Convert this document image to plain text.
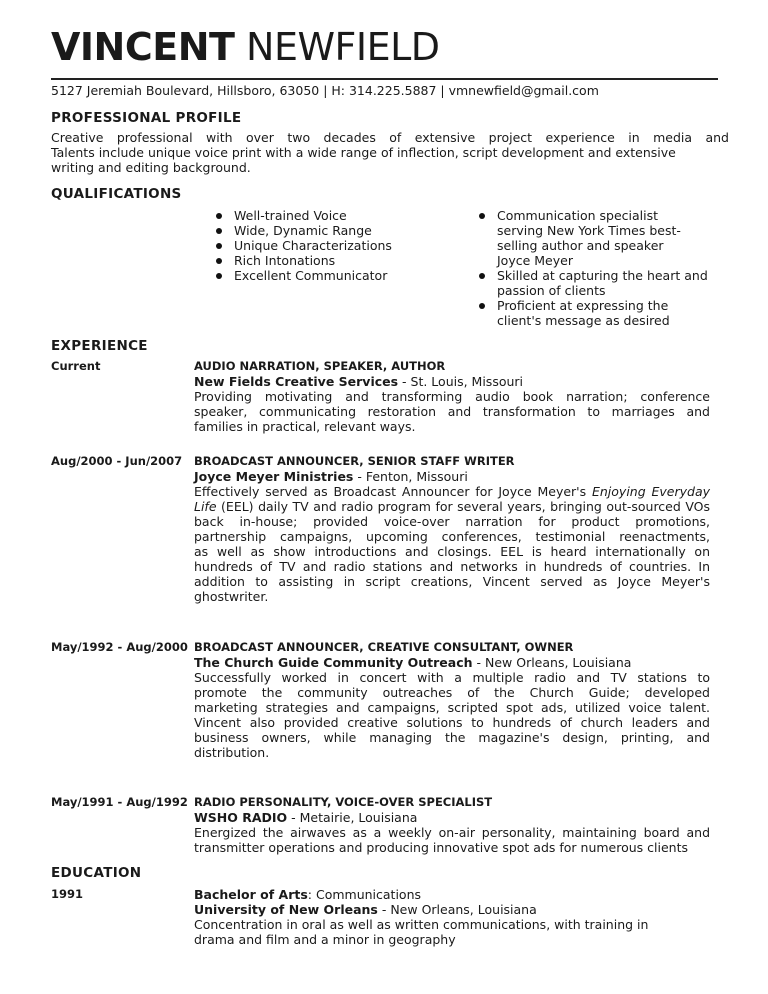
VINCENT NEWFIELD
5127 Jeremiah Boulevard, Hillsboro, 63050 | H: 314.225.5887 | vmnewfield@gmail.com
PROFESSIONAL PROFILE

Creative professional with over two decades of extensive project experience in media and
Talents include unique voice print with a wide range of inflection, script development and extensive
writing and editing background.

QUALIFICATIONS
Well-trained Voice
Wide, Dynamic Range
Unique Characterizations
Rich Intonations
Excellent Communicator
Communication specialist serving New York Times best-selling author and speaker Joyce Meyer
Skilled at capturing the heart and passion of clients
Proficient at expressing the client's message as desired
EXPERIENCE
Current	AUDIO NARRATION, SPEAKER, AUTHOR
New Fields Creative Services - St. Louis, Missouri
Providing motivating and transforming audio book narration; conference
speaker, communicating restoration and transformation to marriages and
families in practical, relevant ways.
Aug/2000 - Jun/2007 BROADCAST ANNOUNCER, SENIOR STAFF WRITER
Joyce Meyer Ministries - Fenton, Missouri
Effectively served as Broadcast Announcer for Joyce Meyer's Enjoying Everyday
Life (EEL) daily TV and radio program for several years, bringing out-sourced VOs
back in-house; provided voice-over narration for product promotions,
partnership campaigns, upcoming conferences, testimonial reenactments,
as well as show introductions and closings. EEL is heard internationally on
hundreds of TV and radio stations and networks in hundreds of countries. In
addition to assisting in script creations, Vincent served as Joyce Meyer's
ghostwriter.
May/1992 - Aug/2000 BROADCAST ANNOUNCER, CREATIVE CONSULTANT, OWNER
The Church Guide Community Outreach - New Orleans, Louisiana
Successfully worked in concert with a multiple radio and TV stations to
promote the community outreaches of the Church Guide; developed
marketing strategies and campaigns, scripted spot ads, utilized voice talent.
Vincent also provided creative solutions to hundreds of church leaders and
business owners, while managing the magazine's design, printing, and
distribution.
May/1991 - Aug/1992 RADIO PERSONALITY, VOICE-OVER SPECIALIST
WSHO RADIO - Metairie, Louisiana
Energized the airwaves as a weekly on-air personality, maintaining board and
transmitter operations and producing innovative spot ads for numerous clients
EDUCATION
1991	Bachelor of Arts: Communications
University of New Orleans - New Orleans, Louisiana
Concentration in oral as well as written communications, with training in
drama and film and a minor in geography
